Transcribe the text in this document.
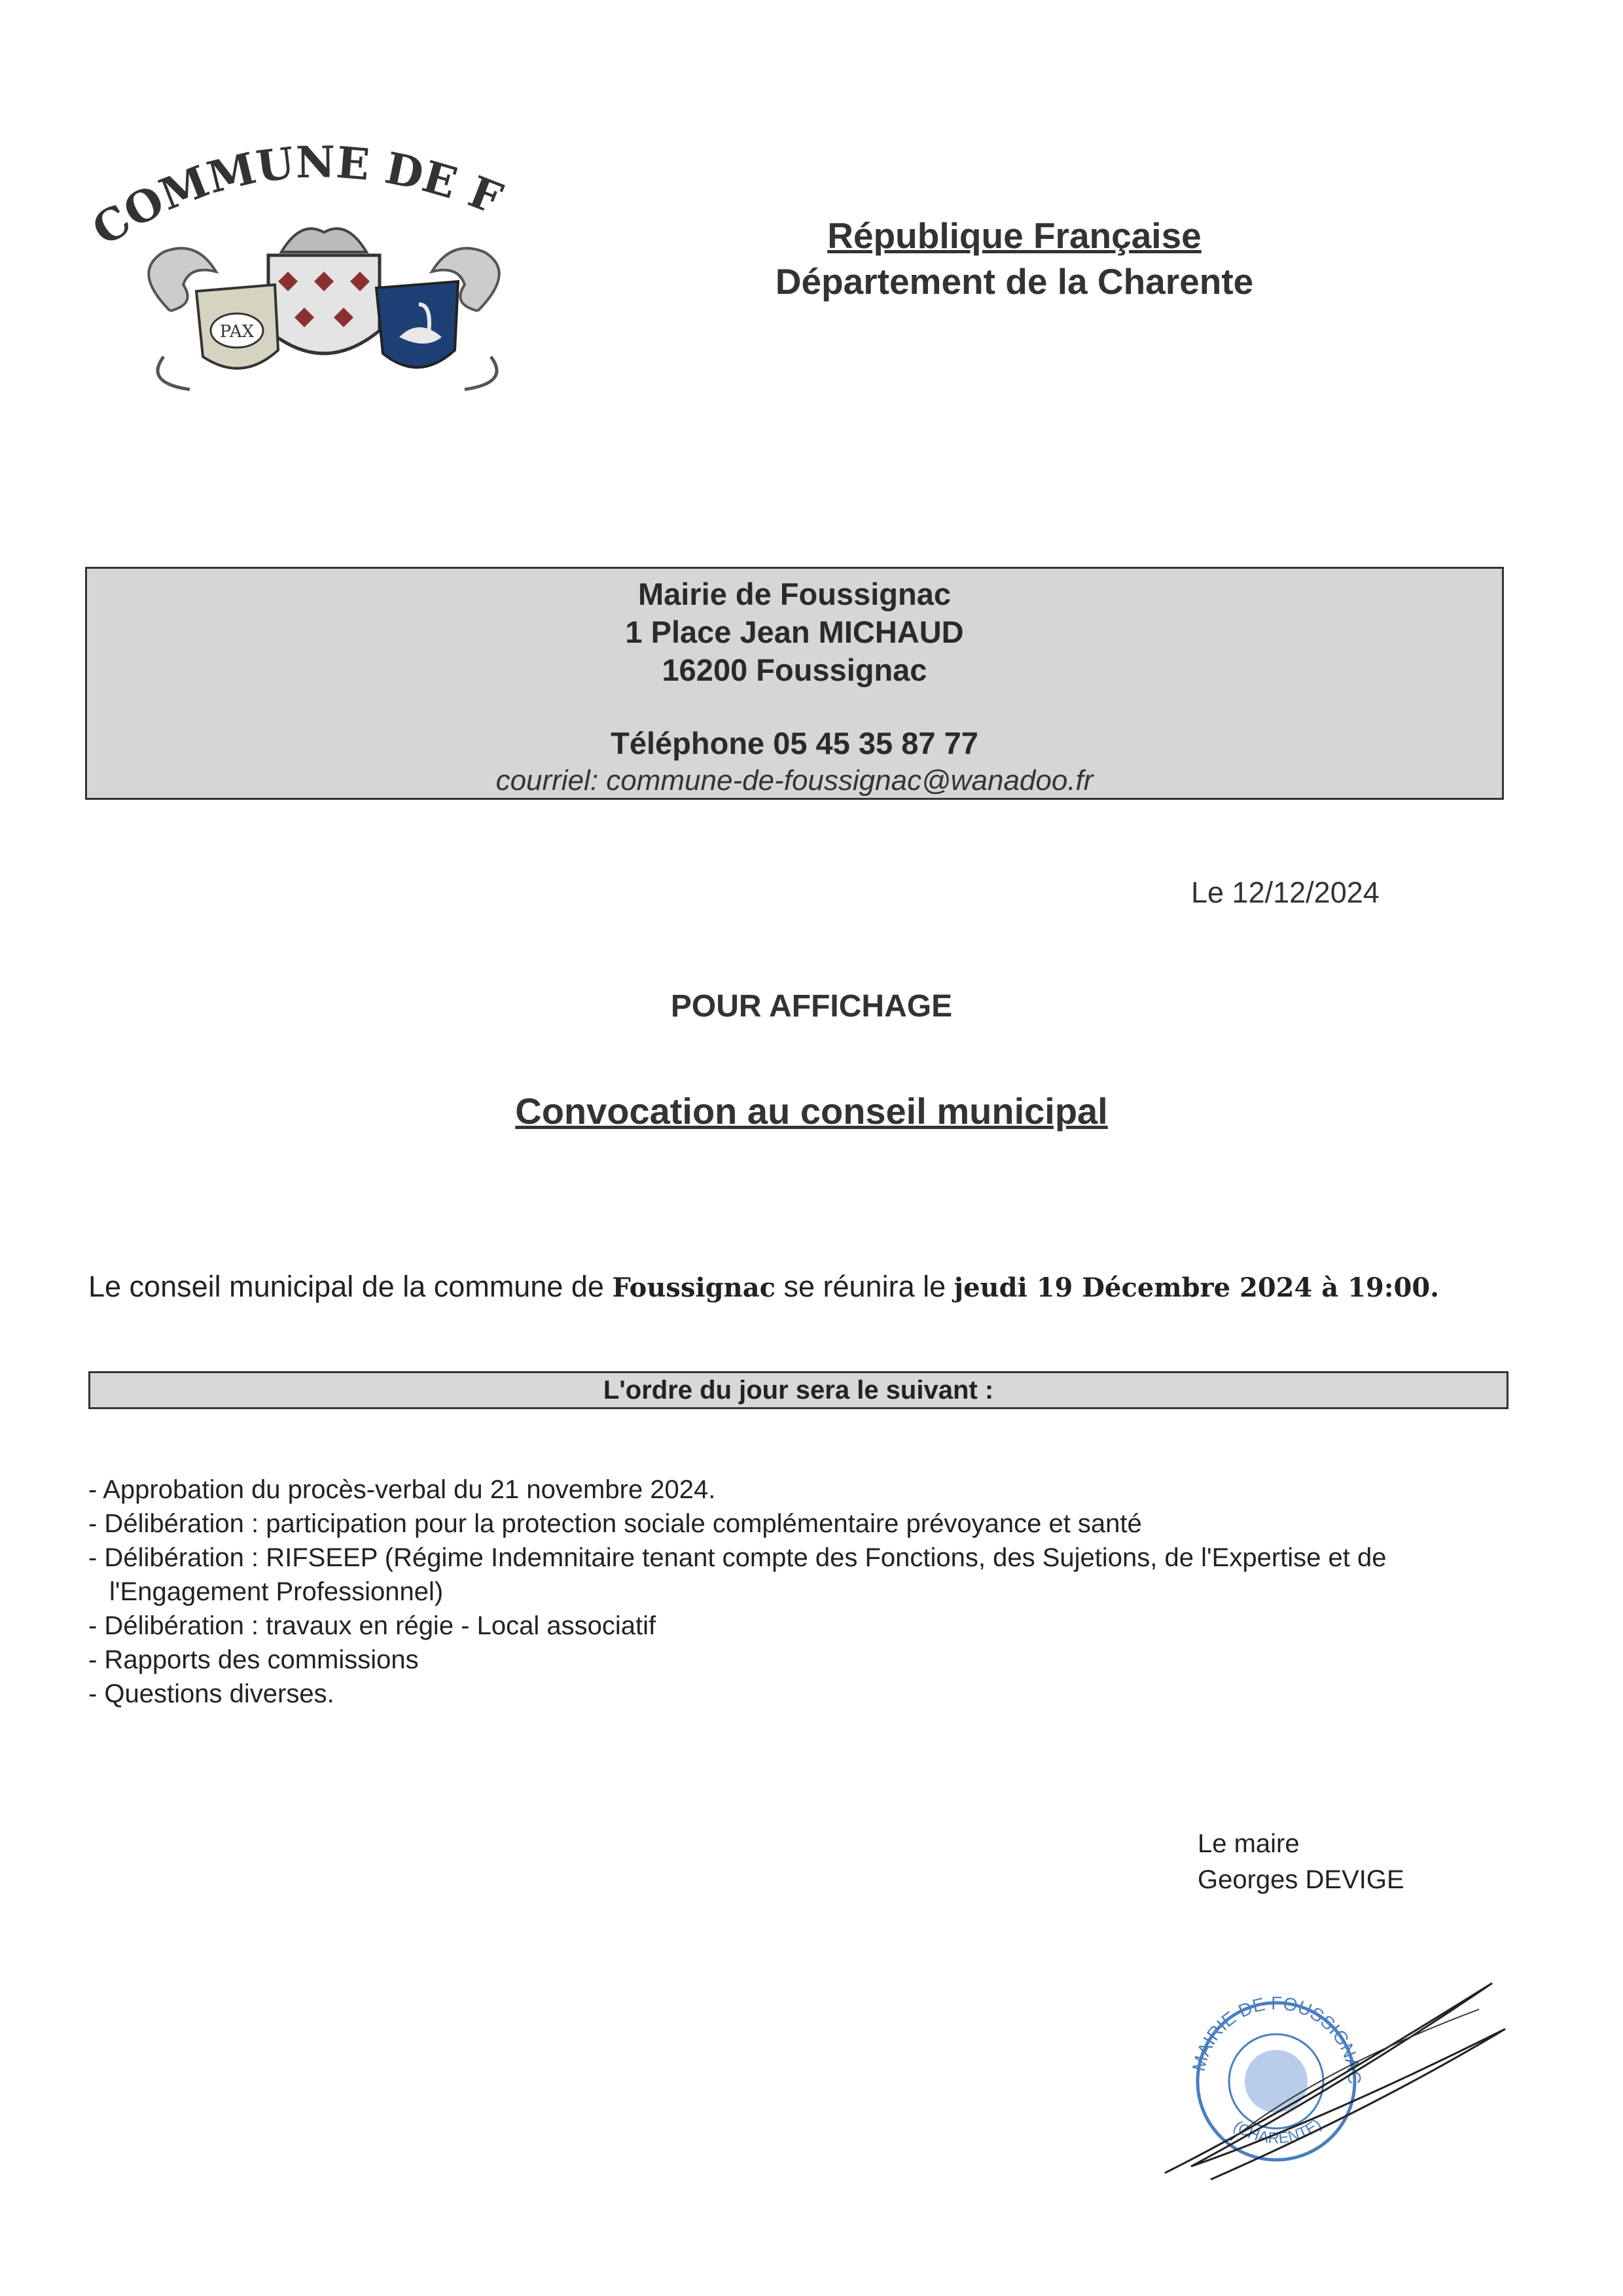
COMMUNE DE F
PAX
République Française
Département de la Charente
Mairie de Foussignac
1 Place Jean MICHAUD
16200 Foussignac
Téléphone 05 45 35 87 77
courriel: commune-de-foussignac@wanadoo.fr
Le 12/12/2024
POUR AFFICHAGE
Convocation au conseil municipal
Le conseil municipal de la commune de Foussignac se réunira le jeudi 19 Décembre 2024 à 19:00.
L'ordre du jour sera le suivant :
- Approbation du procès-verbal du 21 novembre 2024.
- Délibération : participation pour la protection sociale complémentaire prévoyance et santé
- Délibération : RIFSEEP (Régime Indemnitaire tenant compte des Fonctions, des Sujetions, de l'Expertise et de l'Engagement Professionnel)
- Délibération : travaux en régie - Local associatif
- Rapports des commissions
- Questions diverses.
Le maire
Georges DEVIGE
MAIRIE DE FOUSSIGNAC
(CHARENTE)
